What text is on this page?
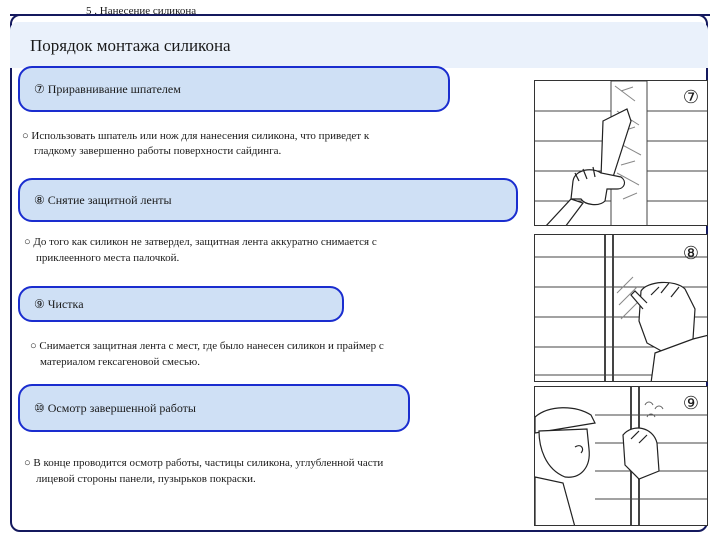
5 . Нанесение силикона
Порядок монтажа силикона
⑦ Приравнивание шпателем
○ Использовать шпатель или нож для нанесения силикона, что приведет к
гладкому завершенно работы поверхности сайдинга.
⑧ Снятие защитной ленты
○ До того как силикон не затвердел, защитная лента аккуратно снимается с
приклеенного места палочкой.
⑨ Чистка
○ Снимается защитная лента с мест, где было нанесен силикон и праймер с
материалом гексагеновой смесью.
⑩ Осмотр завершенной работы
○ В конце проводится осмотр работы, частицы силикона, углубленной части
лицевой стороны панели, пузырьков покраски.
⑦
⑧
⑨
